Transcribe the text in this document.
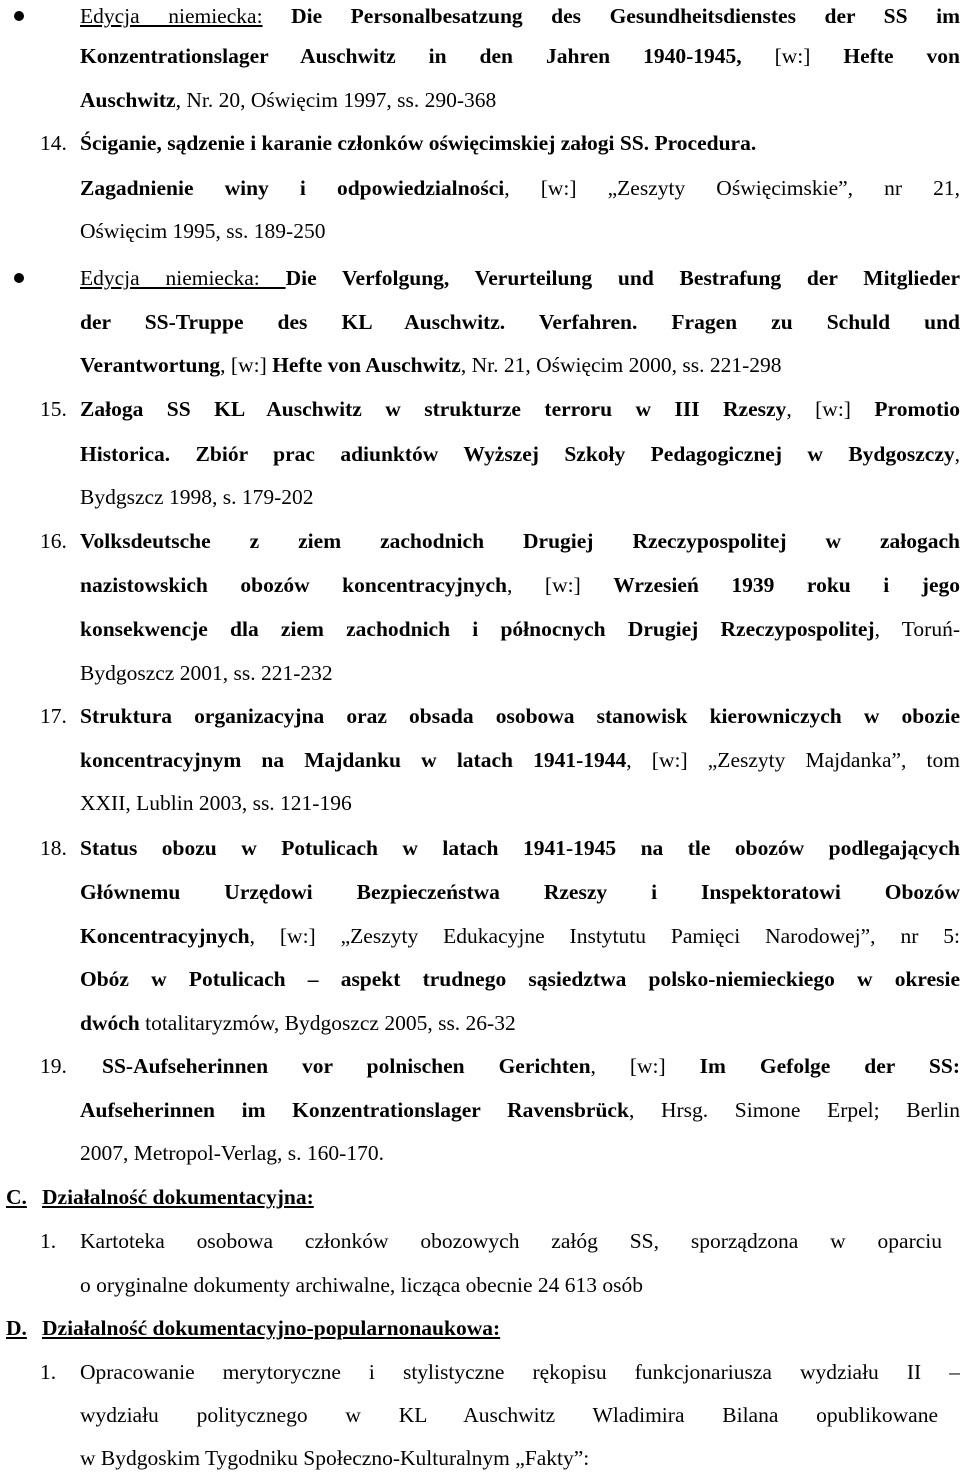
Edycja niemiecka: Die Personalbesatzung des Gesundheitsdienstes der SS im
Konzentrationslager Auschwitz in den Jahren 1940-1945, [w:] Hefte von
Auschwitz, Nr. 20, Oświęcim 1997, ss. 290-368
14. Ściganie, sądzenie i karanie członków oświęcimskiej załogi SS. Procedura.
Zagadnienie winy i odpowiedzialności, [w:] „Zeszyty Oświęcimskie”, nr 21,
Oświęcim 1995, ss. 189-250
Edycja niemiecka: Die Verfolgung, Verurteilung und Bestrafung der Mitglieder
der SS-Truppe des KL Auschwitz. Verfahren. Fragen zu Schuld und
Verantwortung, [w:] Hefte von Auschwitz, Nr. 21, Oświęcim 2000, ss. 221-298
15. Załoga SS KL Auschwitz w strukturze terroru w III Rzeszy, [w:] Promotio
Historica. Zbiór prac adiunktów Wyższej Szkoły Pedagogicznej w Bydgoszczy,
Bydgszcz 1998, s. 179-202
16. Volksdeutsche z ziem zachodnich Drugiej Rzeczypospolitej w załogach
nazistowskich obozów koncentracyjnych, [w:] Wrzesień 1939 roku i jego
konsekwencje dla ziem zachodnich i północnych Drugiej Rzeczypospolitej, Toruń-
Bydgoszcz 2001, ss. 221-232
17. Struktura organizacyjna oraz obsada osobowa stanowisk kierowniczych w obozie
koncentracyjnym na Majdanku w latach 1941-1944, [w:] „Zeszyty Majdanka”, tom
XXII, Lublin 2003, ss. 121-196
18. Status obozu w Potulicach w latach 1941-1945 na tle obozów podlegających
Głównemu Urzędowi Bezpieczeństwa Rzeszy i Inspektoratowi Obozów
Koncentracyjnych, [w:] „Zeszyty Edukacyjne Instytutu Pamięci Narodowej”, nr 5:
Obóz w Potulicach – aspekt trudnego sąsiedztwa polsko-niemieckiego w okresie
dwóch totalitaryzmów, Bydgoszcz 2005, ss. 26-32
19.	SS-Aufseherinnen vor polnischen Gerichten, [w:] Im Gefolge der SS:
Aufseherinnen im Konzentrationslager Ravensbrück, Hrsg. Simone Erpel; Berlin
2007, Metropol-Verlag, s. 160-170.
C. Działalność dokumentacyjna:
1.	Kartoteka osobowa członków obozowych załóg SS, sporządzona w oparciu
o oryginalne dokumenty archiwalne, licząca obecnie 24 613 osób
D. Działalność dokumentacyjno-popularnonaukowa:
1.	Opracowanie merytoryczne i stylistyczne rękopisu funkcjonariusza wydziału II –
wydziału politycznego w KL Auschwitz Wladimira Bilana opublikowane
w Bydgoskim Tygodniku Społeczno-Kulturalnym „Fakty”:
